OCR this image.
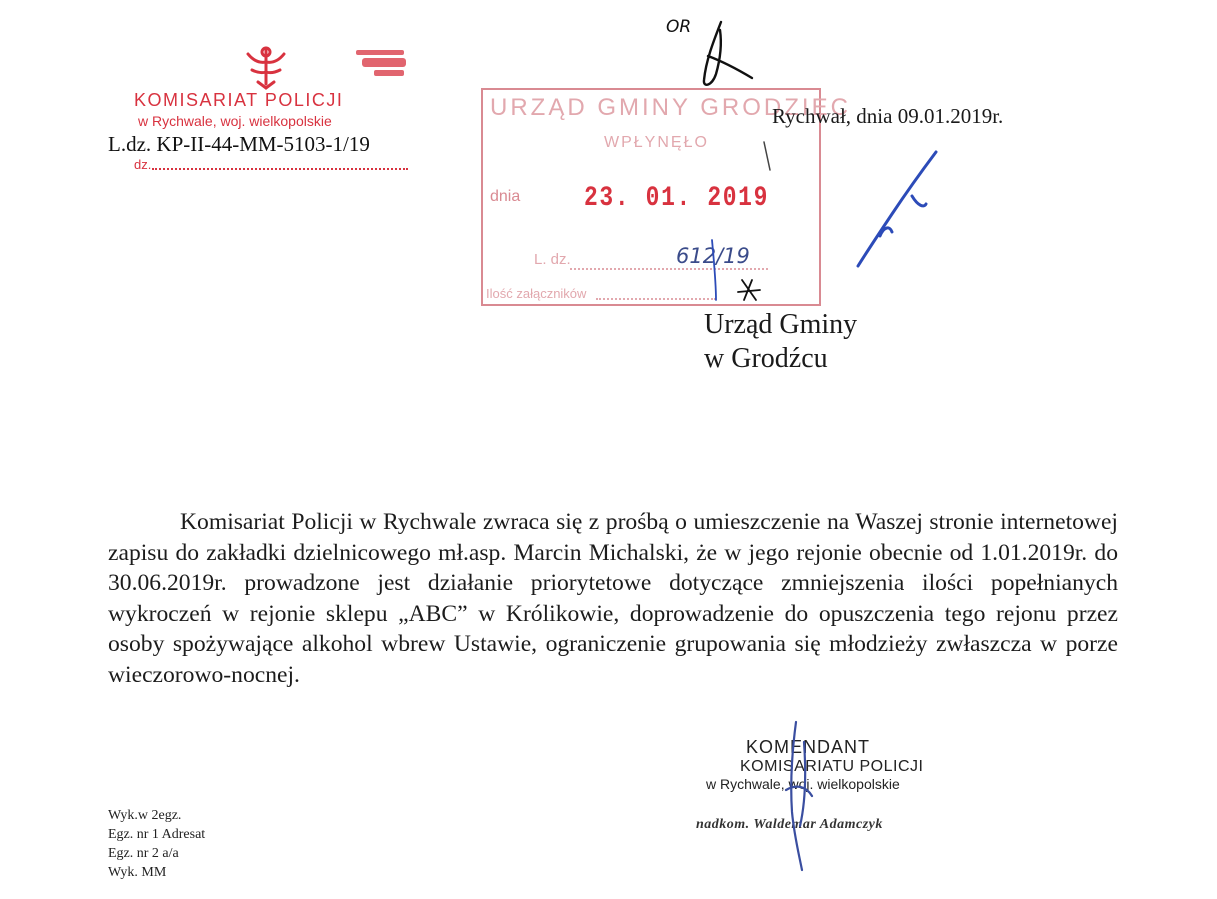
KOMISARIAT POLICJI
w Rychwale, woj. wielkopolskie
L.dz. KP-II-44-MM-5103-1/19
dz.
URZĄD GMINY GRODZIEC
WPŁYNĘŁO
dnia 23. 01. 2019
L. dz.	612/19
Ilość załączników
Rychwał, dnia 09.01.2019r.
Urząd Gminy
w Grodźcu

Komisariat Policji w Rychwale zwraca się z prośbą o umieszczenie na Waszej stronie internetowej zapisu do zakładki dzielnicowego mł.asp. Marcin Michalski, że w jego rejonie obecnie od 1.01.2019r. do 30.06.2019r. prowadzone jest działanie priorytetowe dotyczące zmniejszenia ilości popełnianych wykroczeń w rejonie sklepu „ABC” w Królikowie, doprowadzenie do opuszczenia tego rejonu przez osoby spożywające alkohol wbrew Ustawie, ograniczenie grupowania się młodzieży zwłaszcza w porze wieczorowo-nocnej.

KOMENDANT
KOMISARIATU POLICJI
w Rychwale, woj. wielkopolskie
nadkom. Waldemar Adamczyk
Wyk.w 2egz.
Egz. nr 1 Adresat
Egz. nr 2 a/a
Wyk. MM
OR
